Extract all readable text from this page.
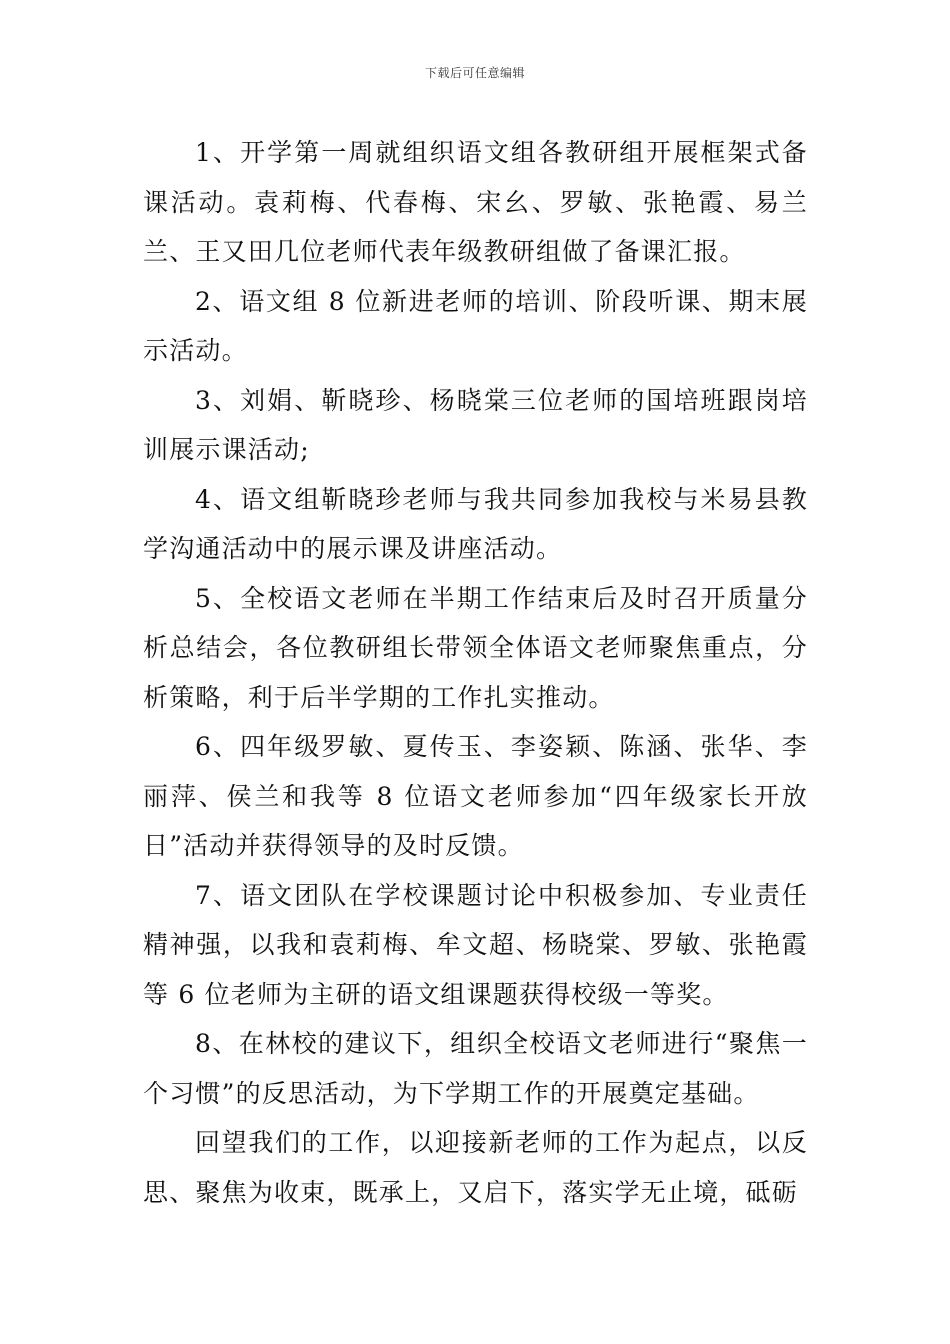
下载后可任意编辑

1、开学第一周就组织语文组各教研组开展框架式备课活动。袁莉梅、代春梅、宋幺、罗敏、张艳霞、易兰兰、王又田几位老师代表年级教研组做了备课汇报。

2、语文组 8 位新进老师的培训、阶段听课、期末展示活动。

3、刘娟、靳晓珍、杨晓棠三位老师的国培班跟岗培训展示课活动;

4、语文组靳晓珍老师与我共同参加我校与米易县教学沟通活动中的展示课及讲座活动。

5、全校语文老师在半期工作结束后及时召开质量分析总结会，各位教研组长带领全体语文老师聚焦重点，分析策略，利于后半学期的工作扎实推动。

6、四年级罗敏、夏传玉、李姿颖、陈涵、张华、李丽萍、侯兰和我等 8 位语文老师参加“四年级家长开放日”活动并获得领导的及时反馈。

7、语文团队在学校课题讨论中积极参加、专业责任精神强，以我和袁莉梅、牟文超、杨晓棠、罗敏、张艳霞等 6 位老师为主研的语文组课题获得校级一等奖。

8、在林校的建议下，组织全校语文老师进行“聚焦一个习惯”的反思活动，为下学期工作的开展奠定基础。

回望我们的工作，以迎接新老师的工作为起点，以反思、聚焦为收束，既承上，又启下，落实学无止境，砥砺
